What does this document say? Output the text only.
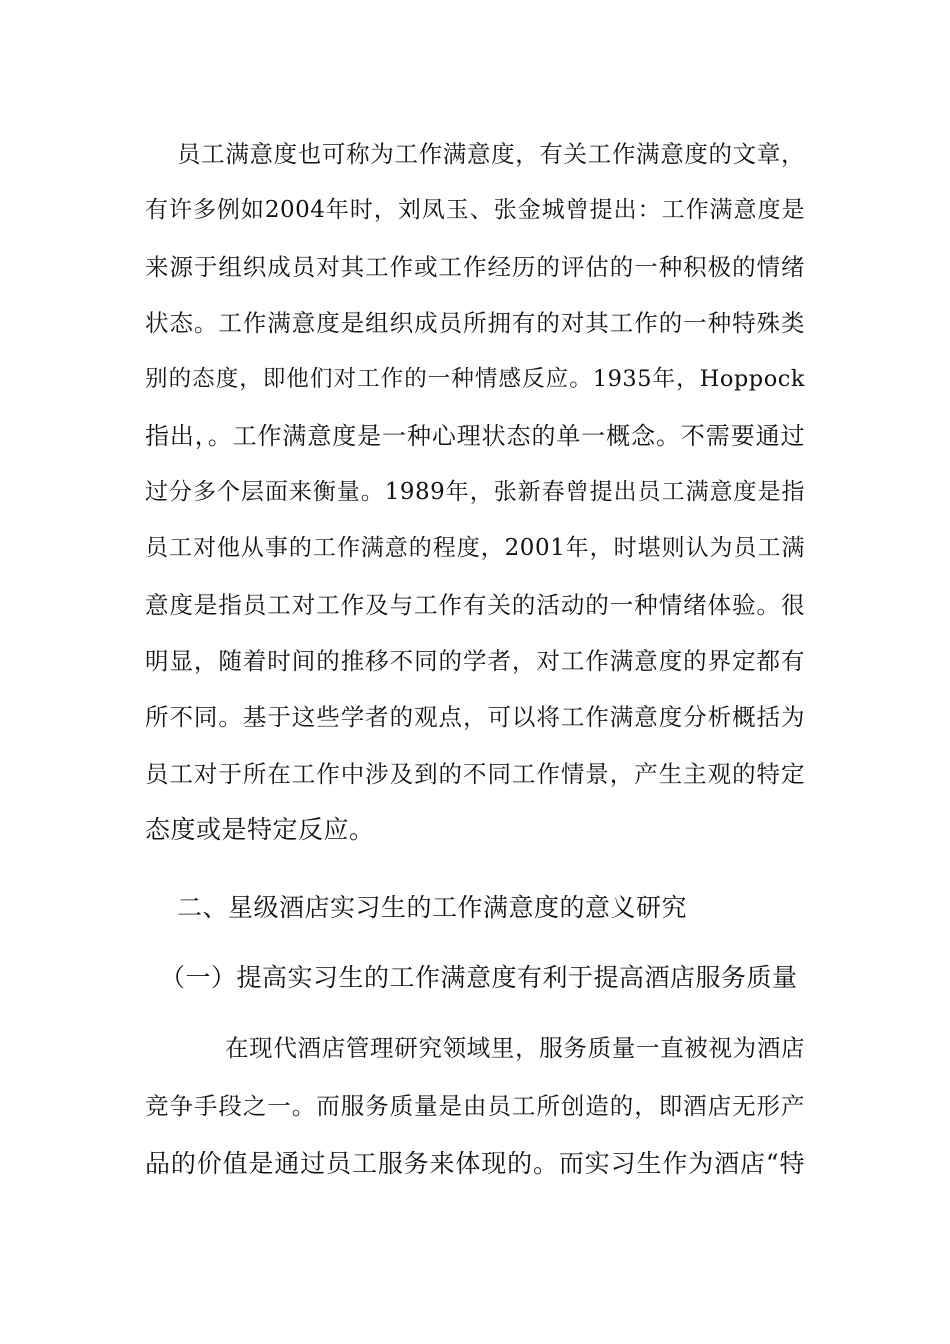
员工满意度也可称为工作满意度，有关工作满意度的文章，
有许多例如2004年时，刘凤玉、张金城曾提出：工作满意度是
来源于组织成员对其工作或工作经历的评估的一种积极的情绪
状态。工作满意度是组织成员所拥有的对其工作的一种特殊类
别的态度，即他们对工作的一种情感反应。1935年，Hoppock
指出，。工作满意度是一种心理状态的单一概念。不需要通过
过分多个层面来衡量。1989年，张新春曾提出员工满意度是指
员工对他从事的工作满意的程度，2001年，时堪则认为员工满
意度是指员工对工作及与工作有关的活动的一种情绪体验。很
明显，随着时间的推移不同的学者，对工作满意度的界定都有
所不同。基于这些学者的观点，可以将工作满意度分析概括为
员工对于所在工作中涉及到的不同工作情景，产生主观的特定
态度或是特定反应。
二、星级酒店实习生的工作满意度的意义研究
（一）提高实习生的工作满意度有利于提高酒店服务质量
在现代酒店管理研究领域里，服务质量一直被视为酒店
竞争手段之一。而服务质量是由员工所创造的，即酒店无形产
品的价值是通过员工服务来体现的。而实习生作为酒店“特
